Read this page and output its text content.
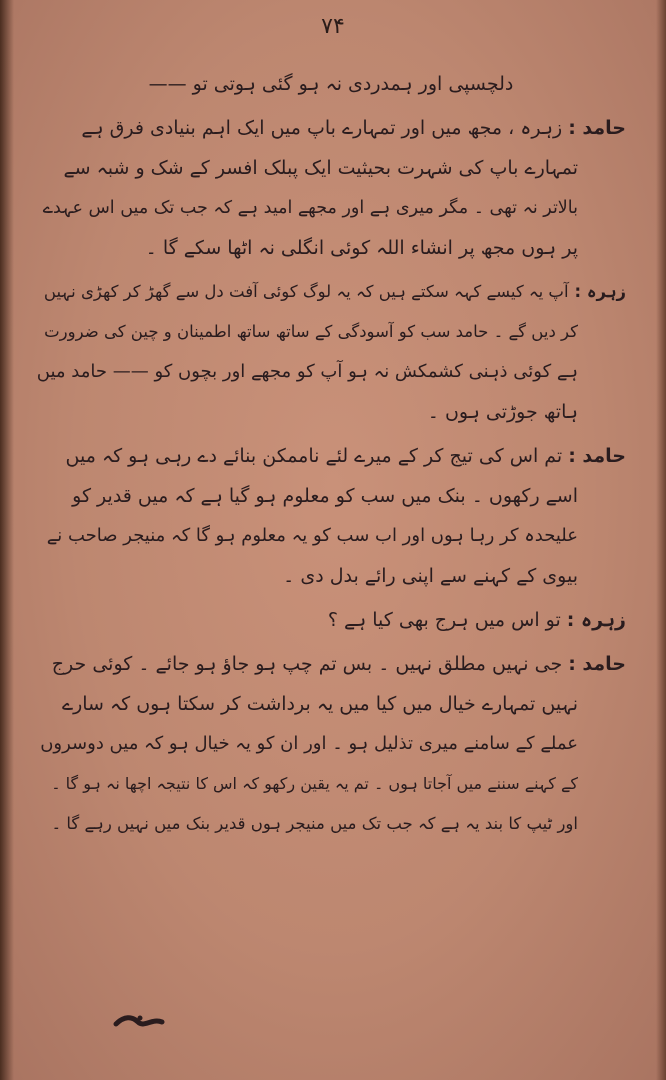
۷۴
دلچسپی اور ہمدردی نہ ہو گئی ہوتی تو ——
حامد :زہرہ ، مجھ میں اور تمہارے باپ میں ایک اہم بنیادی فرق ہے
تمہارے باپ کی شہرت بحیثیت ایک پبلک افسر کے شک و شبہ سے
بالاتر نہ تھی ۔ مگر میری ہے اور مجھے امید ہے کہ جب تک میں اس عہدے
پر ہوں مجھ پر انشاء اللہ کوئی انگلی نہ اٹھا سکے گا ۔
زہرہ :آپ یہ کیسے کہہ سکتے ہیں کہ یہ لوگ کوئی آفت دل سے گھڑ کر کھڑی نہیں
کر دیں گے ۔ حامد سب کو آسودگی کے ساتھ ساتھ اطمینان و چین کی ضرورت
ہے کوئی ذہنی کشمکش نہ ہو آپ کو مجھے اور بچوں کو —— حامد میں
ہاتھ جوڑتی ہوں ۔
حامد :تم اس کی تیج کر کے میرے لئے ناممکن بنائے دے رہی ہو کہ میں
اسے رکھوں ۔ بنک میں سب کو معلوم ہو گیا ہے کہ میں قدیر کو
علیحدہ کر رہا ہوں اور اب سب کو یہ معلوم ہو گا کہ منیجر صاحب نے
بیوی کے کہنے سے اپنی رائے بدل دی ۔
زہرہ :تو اس میں ہرج بھی کیا ہے ؟
حامد :جی نہیں مطلق نہیں ۔ بس تم چپ ہو جاؤ ہو جائے ۔ کوئی حرج
نہیں تمہارے خیال میں کیا میں یہ برداشت کر سکتا ہوں کہ سارے
عملے کے سامنے میری تذلیل ہو ۔ اور ان کو یہ خیال ہو کہ میں دوسروں
کے کہنے سننے میں آجاتا ہوں ۔ تم یہ یقین رکھو کہ اس کا نتیجہ اچھا نہ ہو گا ۔
اور ٹیپ کا بند یہ ہے کہ جب تک میں منیجر ہوں قدیر بنک میں نہیں رہے گا ۔
